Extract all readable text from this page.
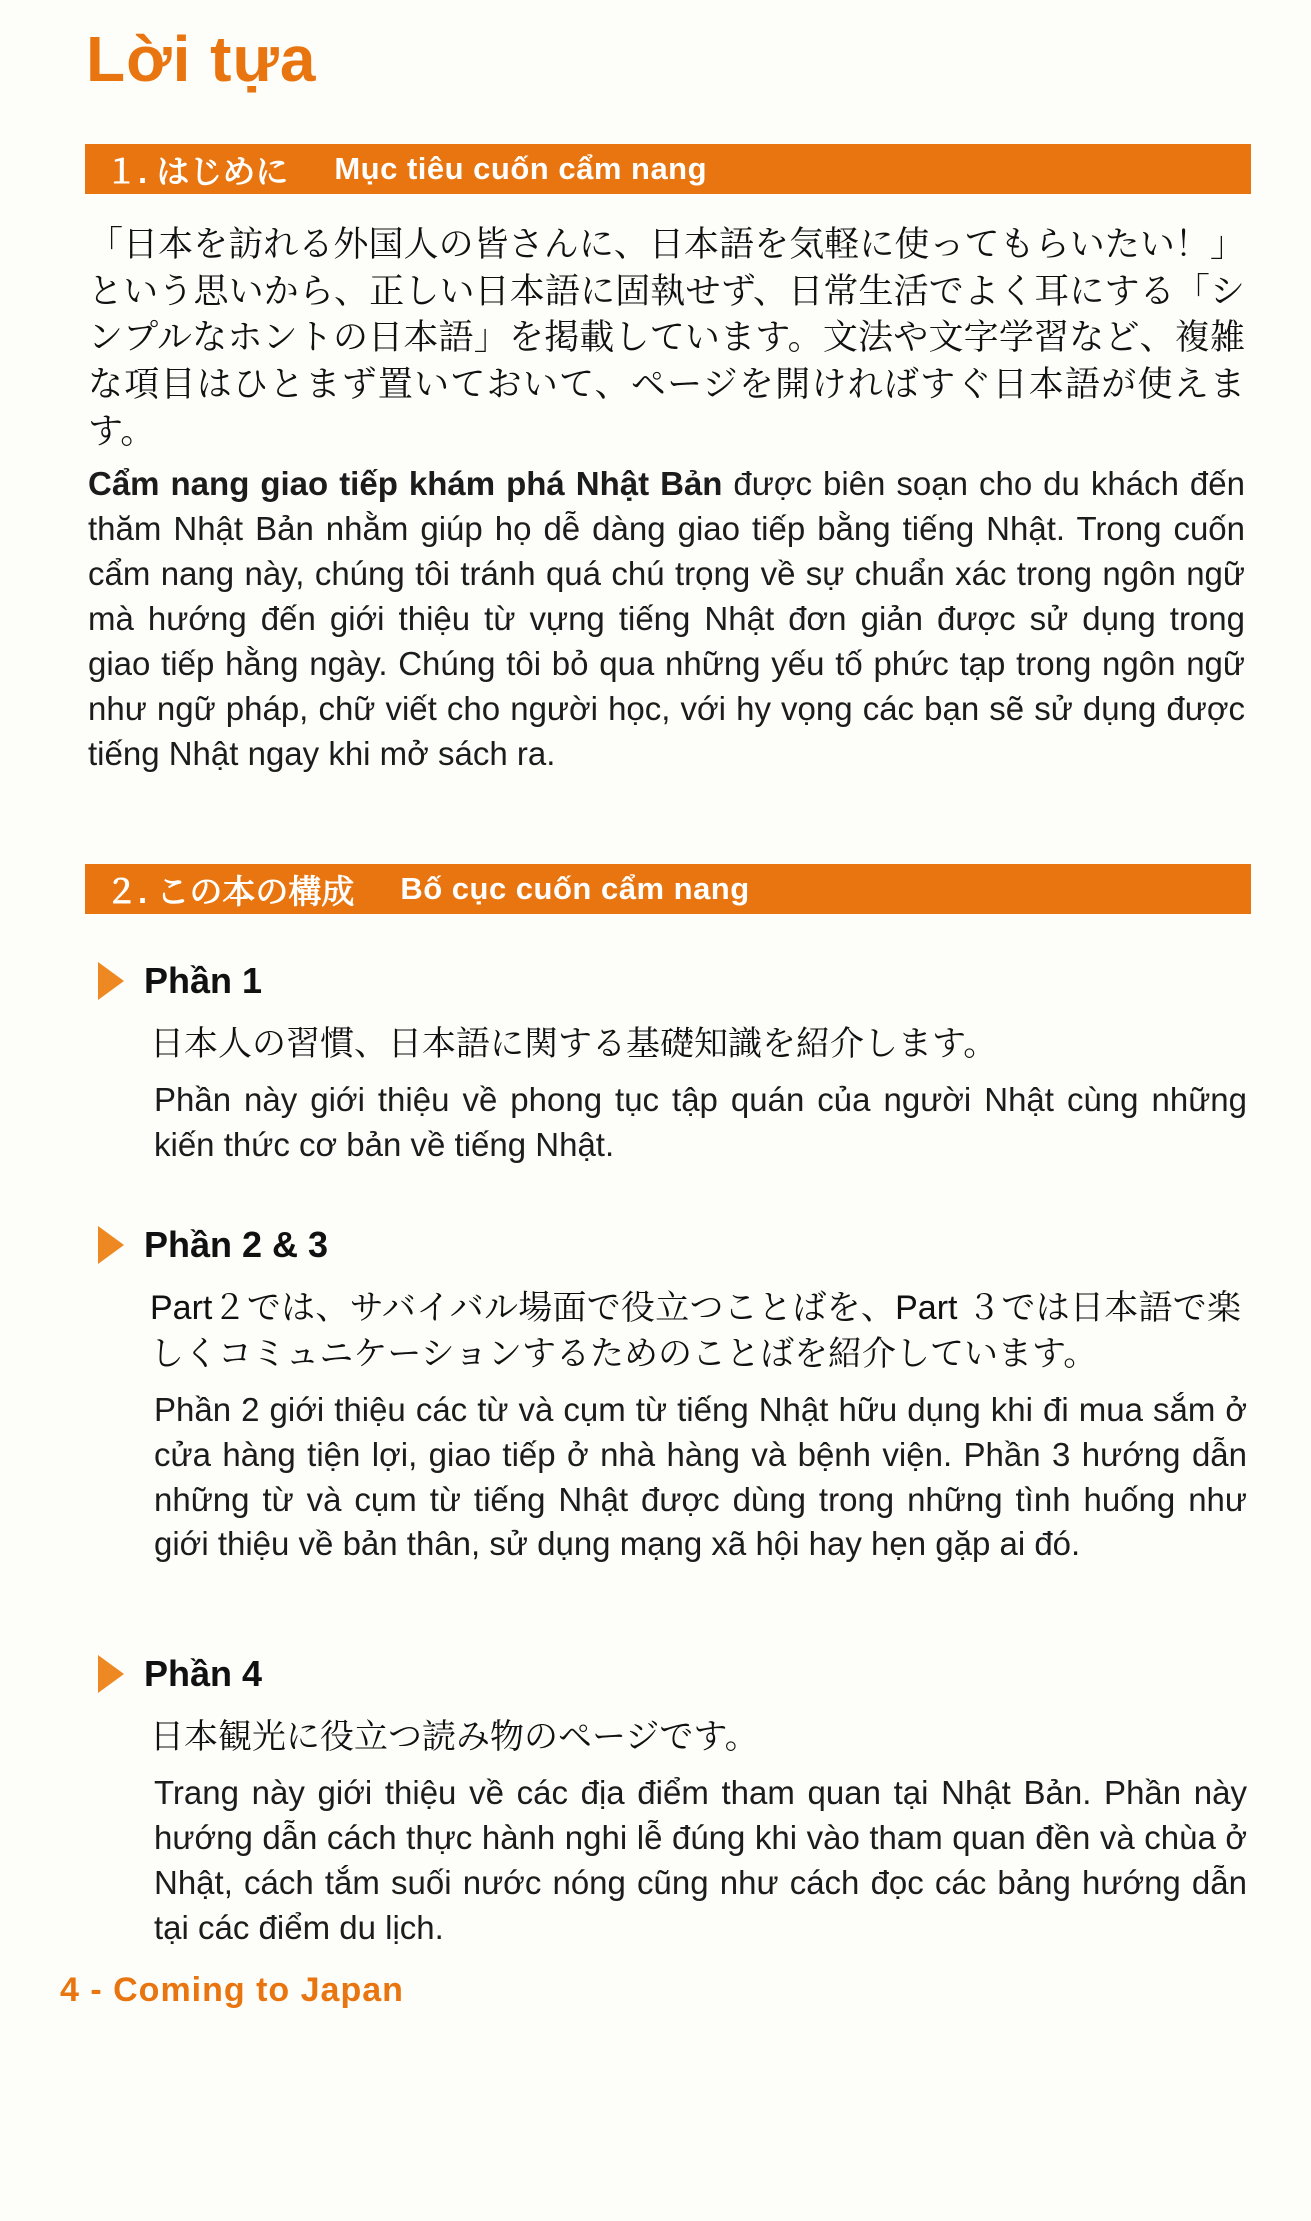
Lời tựa
１. はじめに Mục tiêu cuốn cẩm nang

「日本を訪れる外国人の皆さんに、日本語を気軽に使ってもらいたい！」という思いから、正しい日本語に固執せず、日常生活でよく耳にする「シンプルなホントの日本語」を掲載しています。文法や文字学習など、複雑な項目はひとまず置いておいて、ページを開ければすぐ日本語が使えます。

Cẩm nang giao tiếp khám phá Nhật Bản được biên soạn cho du khách đến thăm Nhật Bản nhằm giúp họ dễ dàng giao tiếp bằng tiếng Nhật. Trong cuốn cẩm nang này, chúng tôi tránh quá chú trọng về sự chuẩn xác trong ngôn ngữ mà hướng đến giới thiệu từ vựng tiếng Nhật đơn giản được sử dụng trong giao tiếp hằng ngày. Chúng tôi bỏ qua những yếu tố phức tạp trong ngôn ngữ như ngữ pháp, chữ viết cho người học, với hy vọng các bạn sẽ sử dụng được tiếng Nhật ngay khi mở sách ra.

２. この本の構成 Bố cục cuốn cẩm nang
Phần 1

日本人の習慣、日本語に関する基礎知識を紹介します。

Phần này giới thiệu về phong tục tập quán của người Nhật cùng những kiến thức cơ bản về tiếng Nhật.

Phần 2 & 3

Part２では、サバイバル場面で役立つことばを、Part ３では日本語で楽しくコミュニケーションするためのことばを紹介しています。

Phần 2 giới thiệu các từ và cụm từ tiếng Nhật hữu dụng khi đi mua sắm ở cửa hàng tiện lợi, giao tiếp ở nhà hàng và bệnh viện. Phần 3 hướng dẫn những từ và cụm từ tiếng Nhật được dùng trong những tình huống như giới thiệu về bản thân, sử dụng mạng xã hội hay hẹn gặp ai đó.

Phần 4

日本観光に役立つ読み物のページです。

Trang này giới thiệu về các địa điểm tham quan tại Nhật Bản. Phần này hướng dẫn cách thực hành nghi lễ đúng khi vào tham quan đền và chùa ở Nhật, cách tắm suối nước nóng cũng như cách đọc các bảng hướng dẫn tại các điểm du lịch.

4 - Coming to Japan
